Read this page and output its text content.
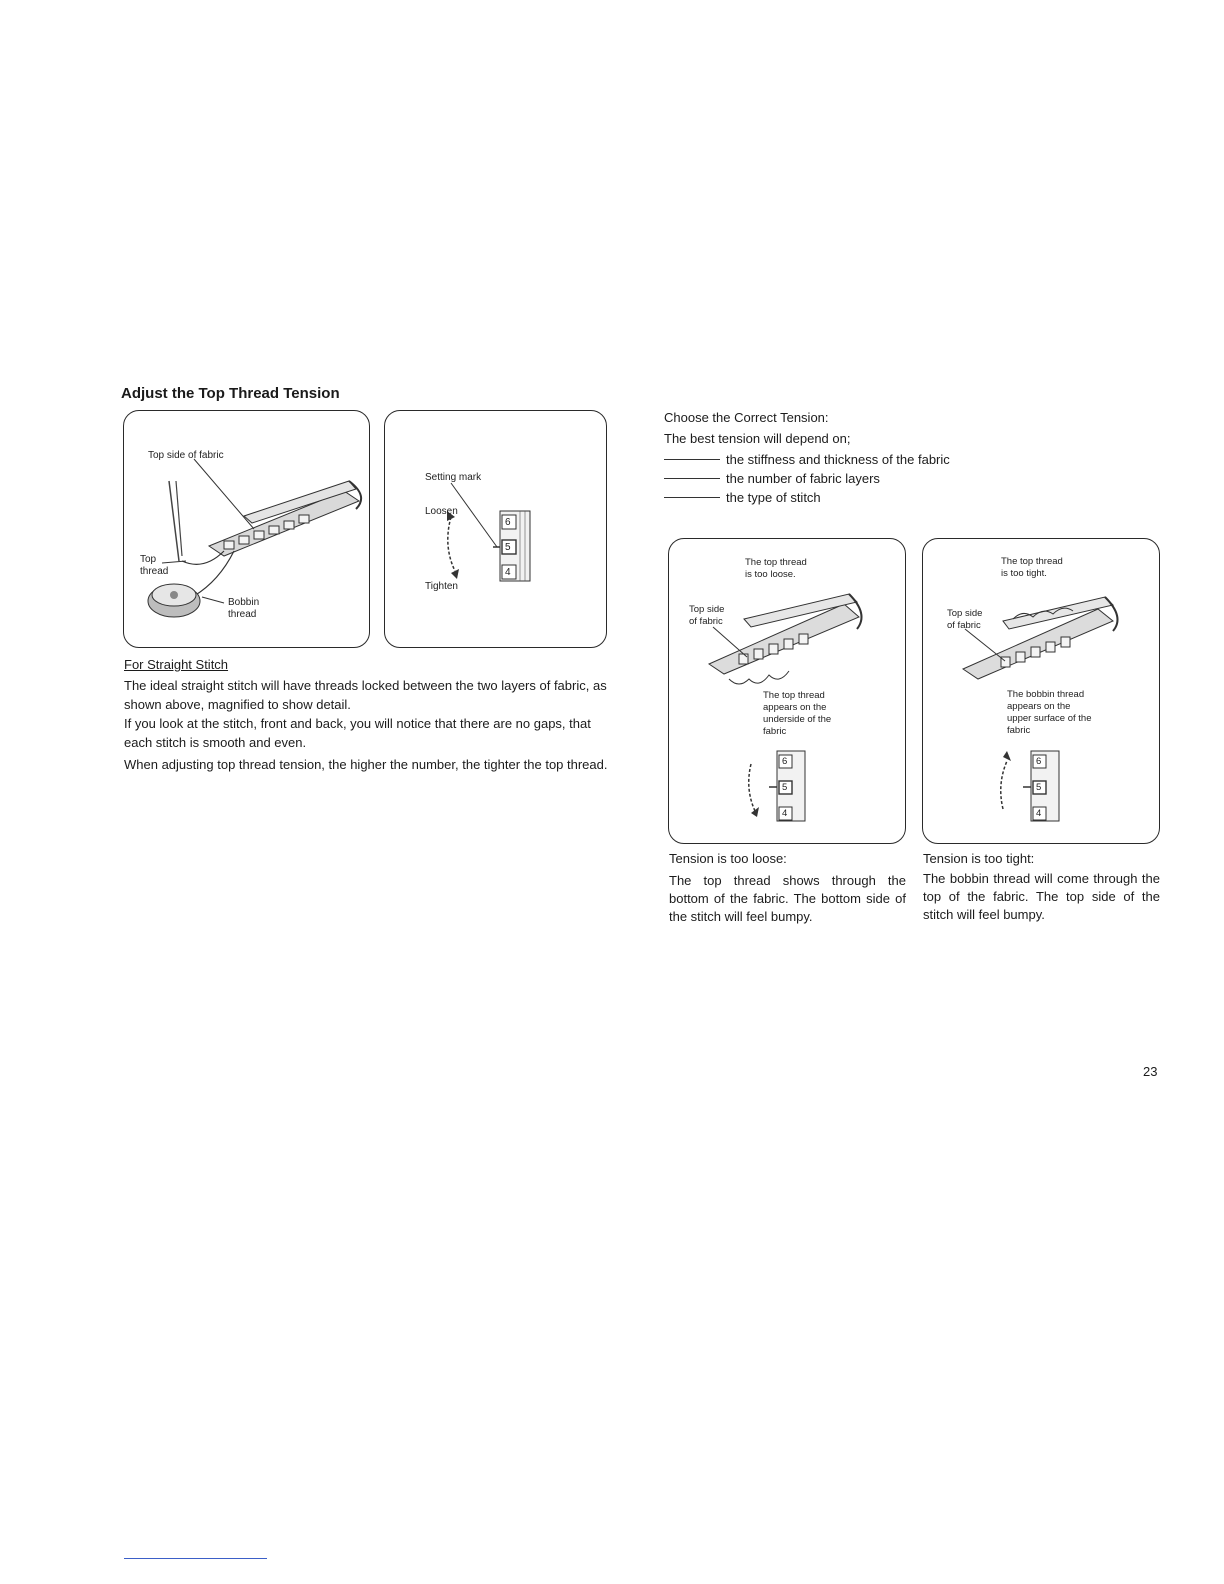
Adjust the Top Thread Tension
Top side of fabric
Top
thread
Bobbin
thread
Setting mark
Loosen
Tighten
6
5
4
For Straight Stitch
The ideal straight stitch will have threads locked between the two layers of fabric, as shown above, magnified to show detail.
If you look at the stitch, front and back, you will notice that there are no gaps, that each stitch is smooth and even.
When adjusting top thread tension, the higher the number, the tighter the top thread.
Choose the Correct Tension:
The best tension will depend on;
the stiffness and thickness of the fabric
the number of fabric layers
the type of stitch
The top thread
is too loose.
Top side
of fabric
The top thread
appears on the
underside of the
fabric
6
5
4
The top thread
is too tight.
Top side
of fabric
The bobbin thread
appears on the
upper surface of the
fabric
6
5
4
Tension is too loose:
The top thread shows through the bottom of the fabric. The bottom side of the stitch will feel bumpy.
Tension is too tight:
The bobbin thread will come through the top of the fabric. The top side of the stitch will feel bumpy.
23
